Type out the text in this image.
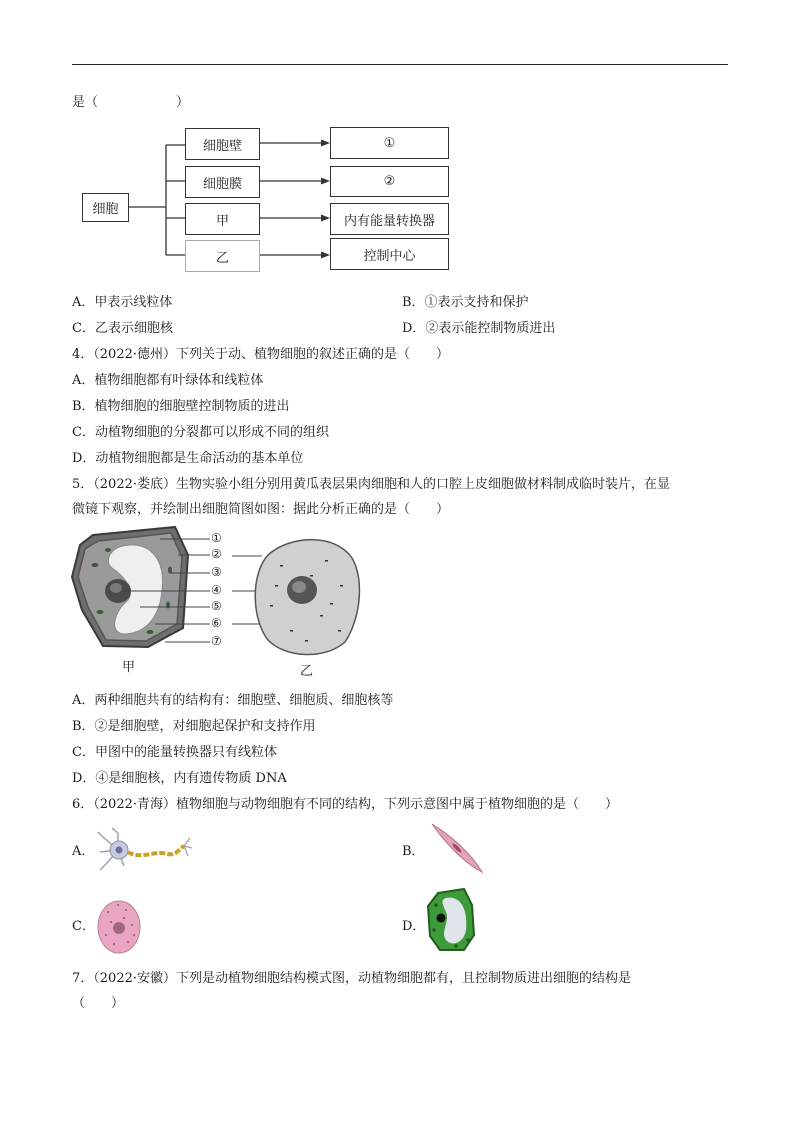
是（　　　　　　）
细胞
细胞壁
细胞膜
甲
乙
①
②
内有能量转换器
控制中心
A．甲表示线粒体	B．①表示支持和保护
C．乙表示细胞核	D．②表示能控制物质进出
4．（2022·德州）下列关于动、植物细胞的叙述正确的是（　　）
A．植物细胞都有叶绿体和线粒体
B．植物细胞的细胞壁控制物质的进出
C．动植物细胞的分裂都可以形成不同的组织
D．动植物细胞都是生命活动的基本单位
5．（2022·娄底）生物实验小组分别用黄瓜表层果肉细胞和人的口腔上皮细胞做材料制成临时装片，在显
微镜下观察，并绘制出细胞简图如图：据此分析正确的是（　　）
①
②
③
④
⑤
⑥
⑦
甲	乙
A．两种细胞共有的结构有：细胞壁、细胞质、细胞核等
B．②是细胞壁，对细胞起保护和支持作用
C．甲图中的能量转换器只有线粒体
D．④是细胞核，内有遗传物质 DNA
6．（2022·青海）植物细胞与动物细胞有不同的结构，下列示意图中属于植物细胞的是（　　）
A．	B．
C．	D．
7．（2022·安徽）下列是动植物细胞结构模式图，动植物细胞都有，且控制物质进出细胞的结构是
（　　）
